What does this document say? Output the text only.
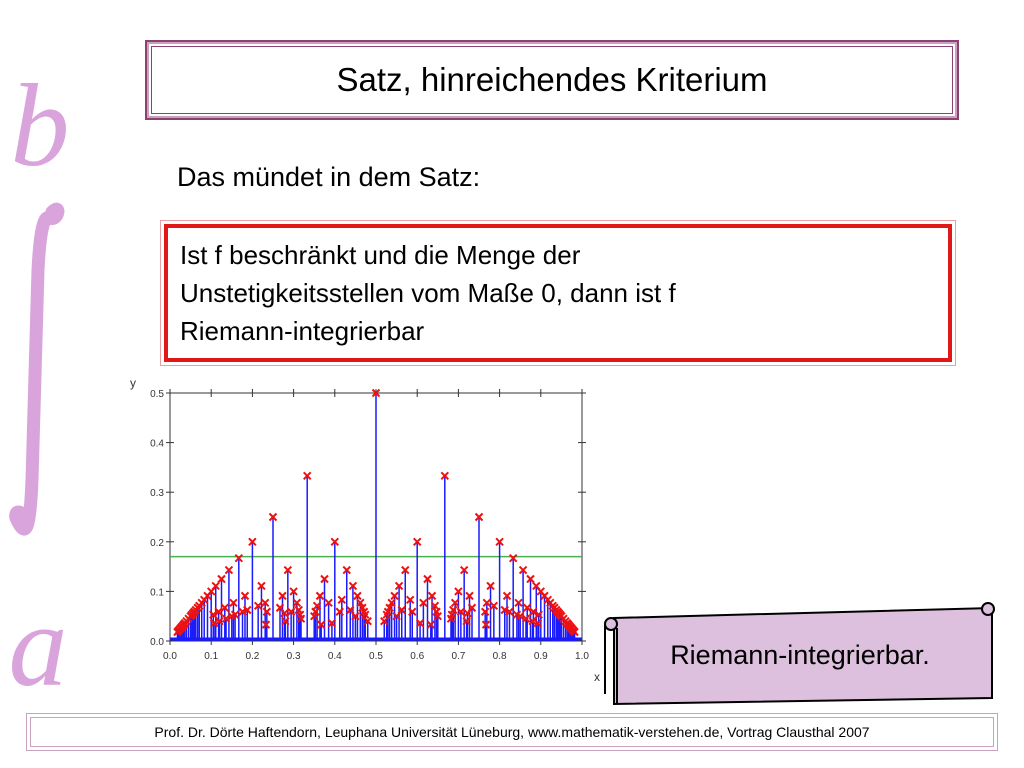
b
a
Satz, hinreichendes Kriterium
Das mündet in dem Satz:
Ist f beschränkt und die Menge der
Unstetigkeitsstellen vom Maße 0, dann ist f
Riemann-integrierbar
0.0
0.1
0.2
0.3
0.4
0.5
0.0	0.1	0.2	0.3	0.4	0.5	0.6	0.7	0.8	0.9	1.0
y
x
Riemann-integrierbar.
Prof. Dr. Dörte Haftendorn, Leuphana Universität Lüneburg, www.mathematik-verstehen.de, Vortrag Clausthal 2007
